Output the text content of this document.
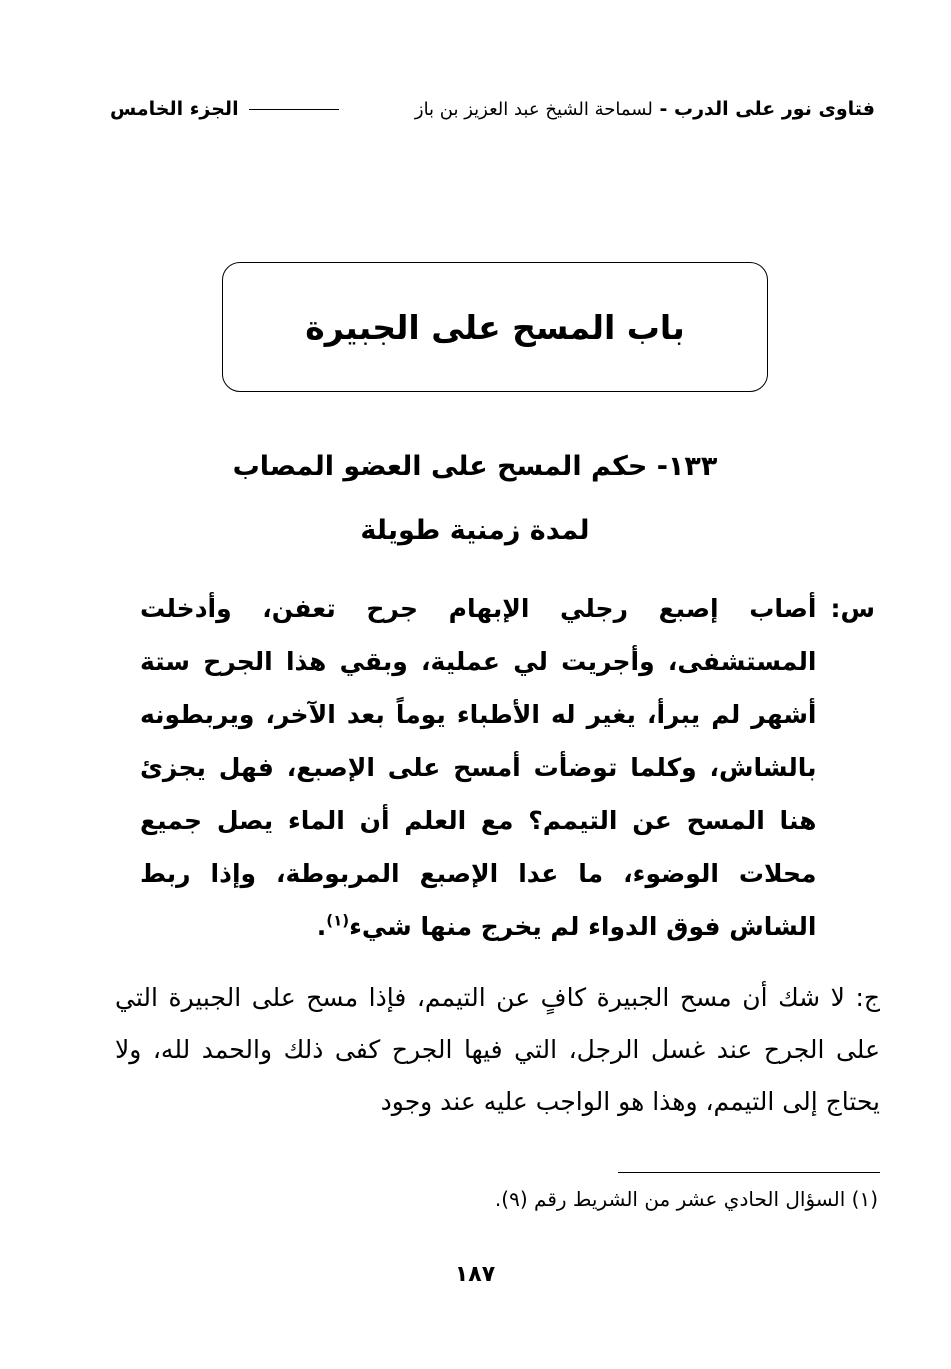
فتاوى نور على الدرب - لسماحة الشيخ عبد العزيز بن باز
الجزء الخامس
باب المسح على الجبيرة
١٣٣- حكم المسح على العضو المصاب
لمدة زمنية طويلة
س:
أصاب إصبع رجلي الإبهام جرح تعفن، وأدخلت المستشفى، وأجريت لي عملية، وبقي هذا الجرح ستة أشهر لم يبرأ، يغير له الأطباء يوماً بعد الآخر، ويربطونه بالشاش، وكلما توضأت أمسح على الإصبع، فهل يجزئ هنا المسح عن التيمم؟ مع العلم أن الماء يصل جميع محلات الوضوء، ما عدا الإصبع المربوطة، وإذا ربط الشاش فوق الدواء لم يخرج منها شيء$^{(١)}$.
ج: لا شك أن مسح الجبيرة كافٍ عن التيمم، فإذا مسح على الجبيرة التي على الجرح عند غسل الرجل، التي فيها الجرح كفى ذلك والحمد لله، ولا يحتاج إلى التيمم، وهذا هو الواجب عليه عند وجود
(١) السؤال الحادي عشر من الشريط رقم (٩).
١٨٧
